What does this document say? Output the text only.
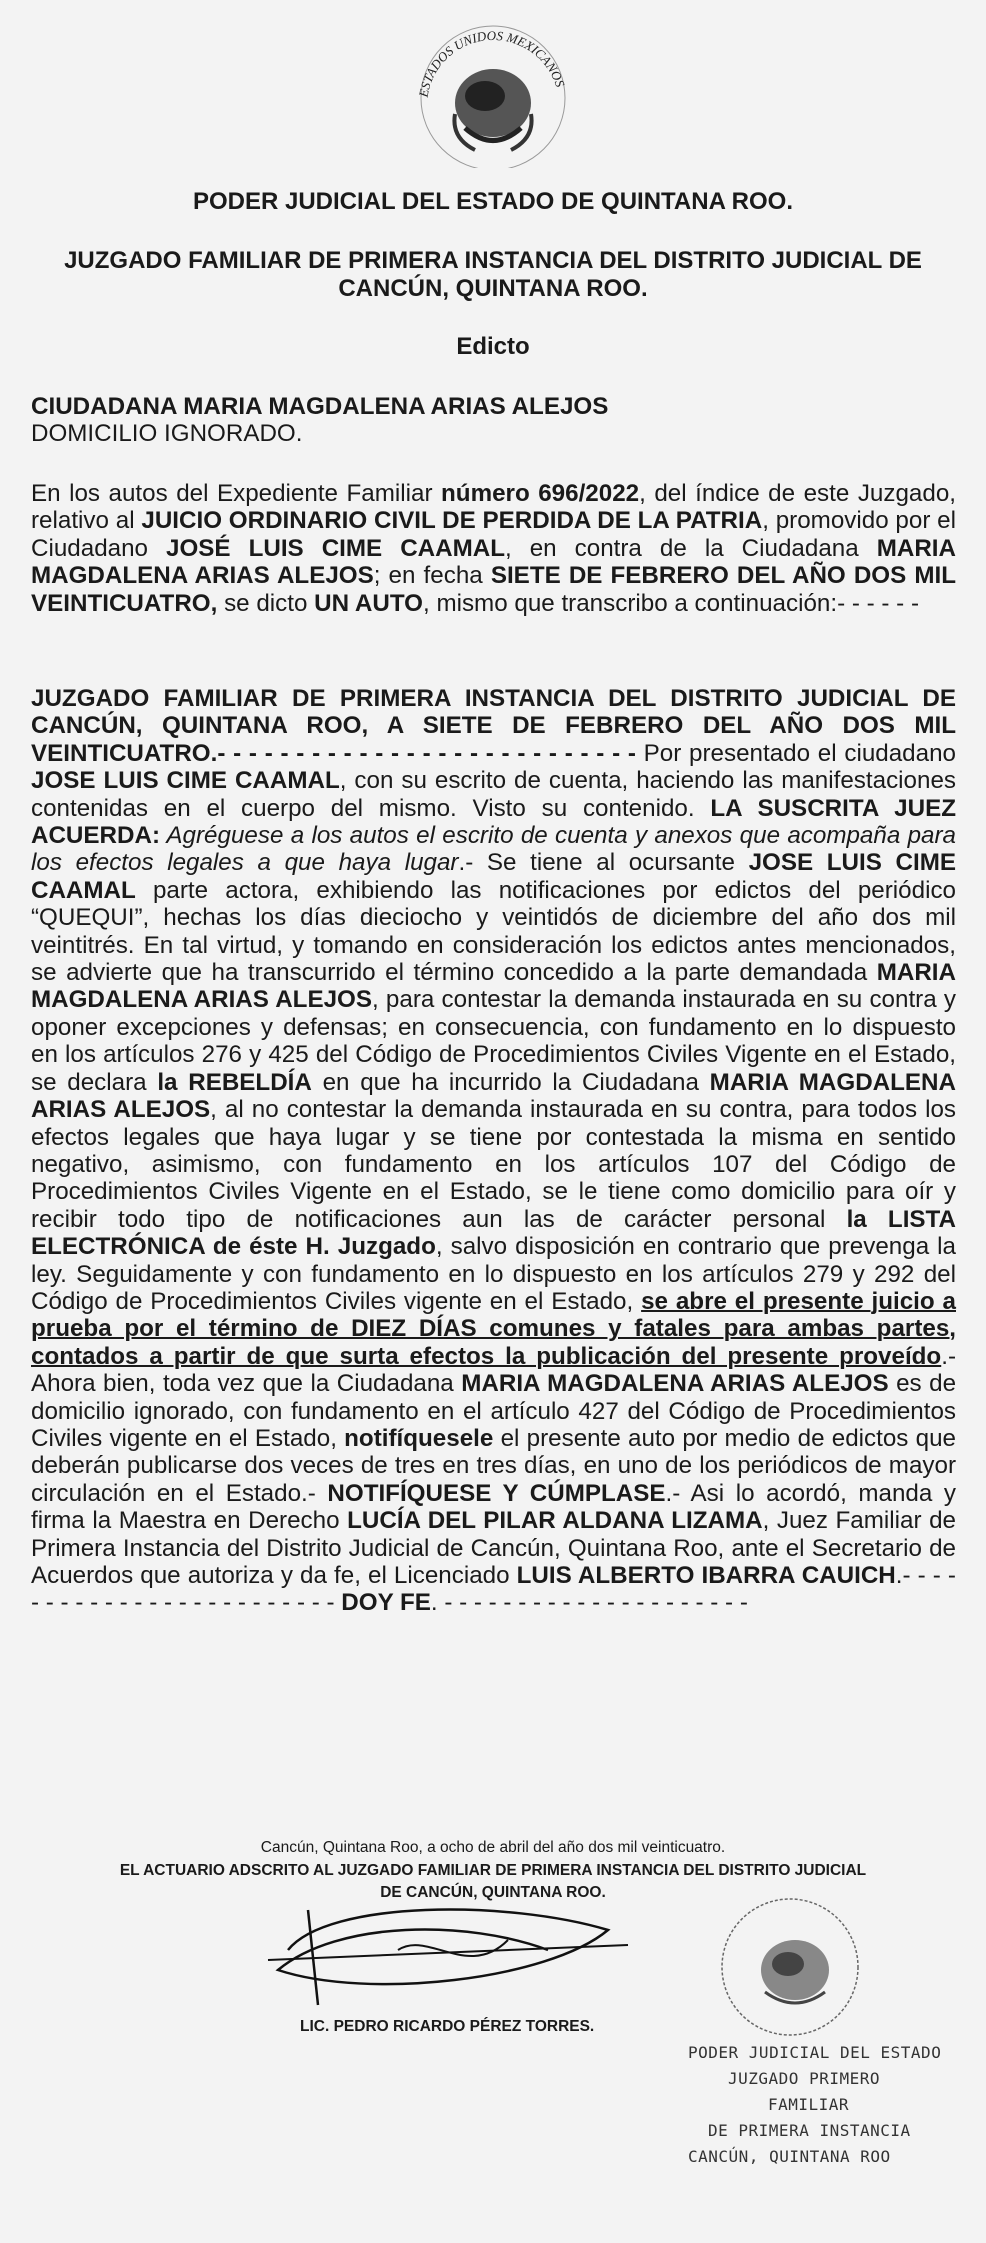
ESTADOS UNIDOS MEXICANOS
PODER JUDICIAL DEL ESTADO DE QUINTANA ROO.
JUZGADO FAMILIAR DE PRIMERA INSTANCIA DEL DISTRITO JUDICIAL DE CANCÚN, QUINTANA ROO.
Edicto
CIUDADANA MARIA MAGDALENA ARIAS ALEJOS
DOMICILIO IGNORADO.
En los autos del Expediente Familiar número 696/2022, del índice de este Juzgado, relativo al JUICIO ORDINARIO CIVIL DE PERDIDA DE LA PATRIA, promovido por el Ciudadano JOSÉ LUIS CIME CAAMAL, en contra de la Ciudadana MARIA MAGDALENA ARIAS ALEJOS; en fecha SIETE DE FEBRERO DEL AÑO DOS MIL VEINTICUATRO, se dicto UN AUTO, mismo que transcribo a continuación:- - - - - -
JUZGADO FAMILIAR DE PRIMERA INSTANCIA DEL DISTRITO JUDICIAL DE CANCÚN, QUINTANA ROO, A SIETE DE FEBRERO DEL AÑO DOS MIL VEINTICUATRO.- - - - - - - - - - - - - - - - - - - - - - - - - - - Por presentado el ciudadano JOSE LUIS CIME CAAMAL, con su escrito de cuenta, haciendo las manifestaciones contenidas en el cuerpo del mismo. Visto su contenido. LA SUSCRITA JUEZ ACUERDA: Agréguese a los autos el escrito de cuenta y anexos que acompaña para los efectos legales a que haya lugar.- Se tiene al ocursante JOSE LUIS CIME CAAMAL parte actora, exhibiendo las notificaciones por edictos del periódico “QUEQUI”, hechas los días dieciocho y veintidós de diciembre del año dos mil veintitrés. En tal virtud, y tomando en consideración los edictos antes mencionados, se advierte que ha transcurrido el término concedido a la parte demandada MARIA MAGDALENA ARIAS ALEJOS, para contestar la demanda instaurada en su contra y oponer excepciones y defensas; en consecuencia, con fundamento en lo dispuesto en los artículos 276 y 425 del Código de Procedimientos Civiles Vigente en el Estado, se declara la REBELDÍA en que ha incurrido la Ciudadana MARIA MAGDALENA ARIAS ALEJOS, al no contestar la demanda instaurada en su contra, para todos los efectos legales que haya lugar y se tiene por contestada la misma en sentido negativo, asimismo, con fundamento en los artículos 107 del Código de Procedimientos Civiles Vigente en el Estado, se le tiene como domicilio para oír y recibir todo tipo de notificaciones aun las de carácter personal la LISTA ELECTRÓNICA de éste H. Juzgado, salvo disposición en contrario que prevenga la ley. Seguidamente y con fundamento en lo dispuesto en los artículos 279 y 292 del Código de Procedimientos Civiles vigente en el Estado, se abre el presente juicio a prueba por el término de DIEZ DÍAS comunes y fatales para ambas partes, contados a partir de que surta efectos la publicación del presente proveído.- Ahora bien, toda vez que la Ciudadana MARIA MAGDALENA ARIAS ALEJOS es de domicilio ignorado, con fundamento en el artículo 427 del Código de Procedimientos Civiles vigente en el Estado, notifíquesele el presente auto por medio de edictos que deberán publicarse dos veces de tres en tres días, en uno de los periódicos de mayor circulación en el Estado.- NOTIFÍQUESE Y CÚMPLASE.- Asi lo acordó, manda y firma la Maestra en Derecho LUCÍA DEL PILAR ALDANA LIZAMA, Juez Familiar de Primera Instancia del Distrito Judicial de Cancún, Quintana Roo, ante el Secretario de Acuerdos que autoriza y da fe, el Licenciado LUIS ALBERTO IBARRA CAUICH.- - - - - - - - - - - - - - - - - - - - - - - - - DOY FE. - - - - - - - - - - - - - - - - - - - - -
Cancún, Quintana Roo, a ocho de abril del año dos mil veinticuatro.
EL ACTUARIO ADSCRITO AL JUZGADO FAMILIAR DE PRIMERA INSTANCIA DEL DISTRITO JUDICIAL
DE CANCÚN, QUINTANA ROO.
LIC. PEDRO RICARDO PÉREZ TORRES.
PODER JUDICIAL DEL ESTADO
JUZGADO PRIMERO
FAMILIAR
DE PRIMERA INSTANCIA
CANCÚN, QUINTANA ROO
